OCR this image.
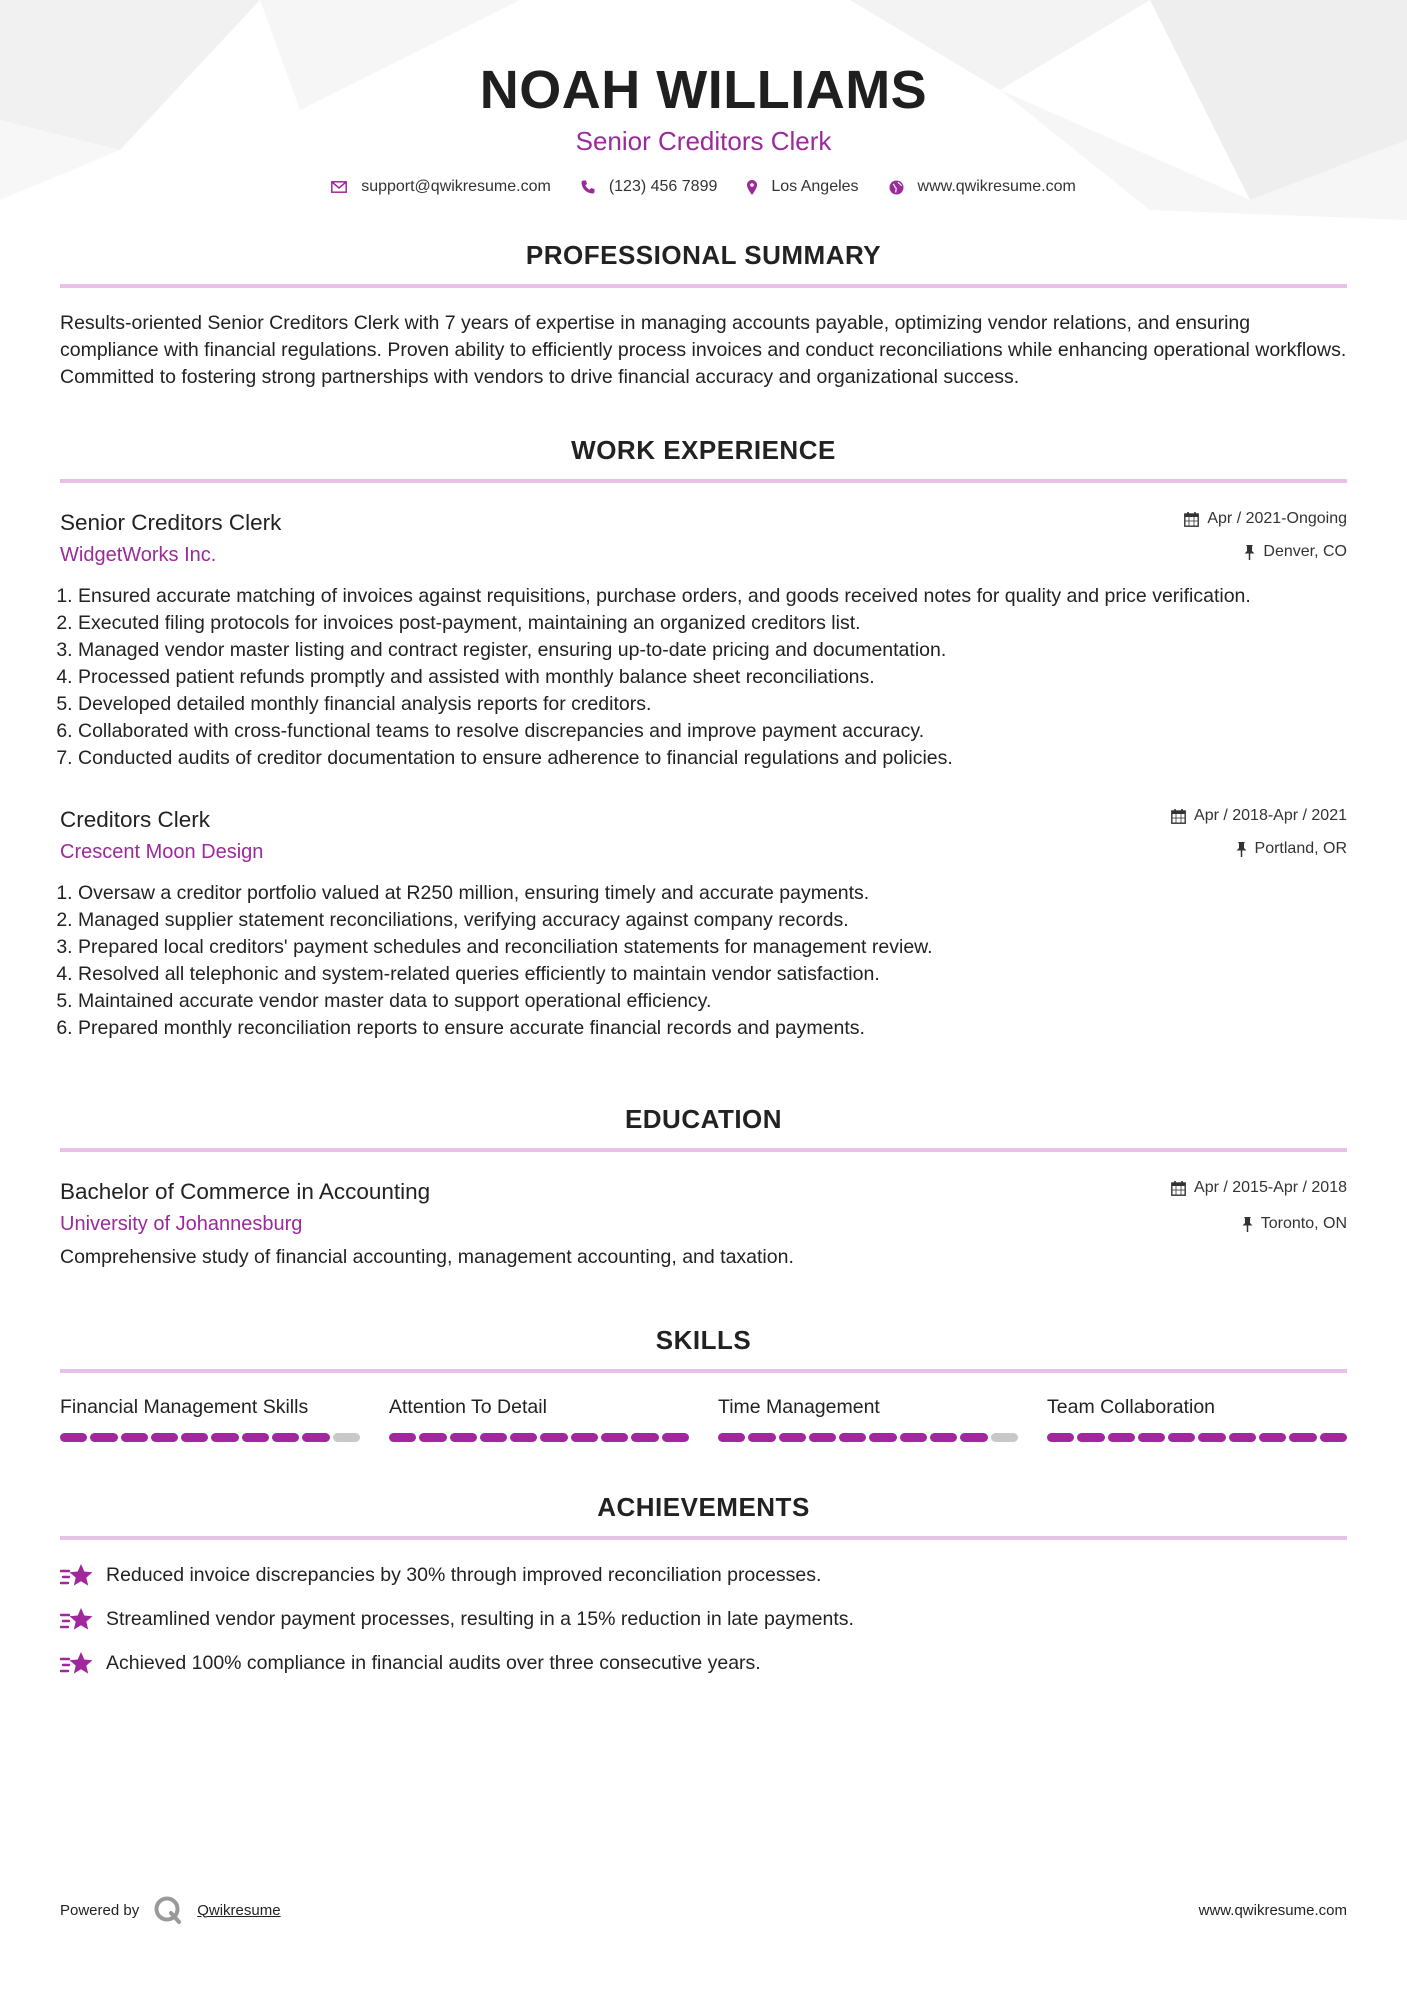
NOAH WILLIAMS
Senior Creditors Clerk
support@qwikresume.com	(123) 456 7899	Los Angeles	www.qwikresume.com
PROFESSIONAL SUMMARY
Results-oriented Senior Creditors Clerk with 7 years of expertise in managing accounts payable, optimizing vendor relations, and ensuring compliance with financial regulations. Proven ability to efficiently process invoices and conduct reconciliations while enhancing operational workflows. Committed to fostering strong partnerships with vendors to drive financial accuracy and organizational success.
WORK EXPERIENCE
Senior Creditors Clerk
WidgetWorks Inc.
Apr / 2021-Ongoing
Denver, CO
1. Ensured accurate matching of invoices against requisitions, purchase orders, and goods received notes for quality and price verification.
2. Executed filing protocols for invoices post-payment, maintaining an organized creditors list.
3. Managed vendor master listing and contract register, ensuring up-to-date pricing and documentation.
4. Processed patient refunds promptly and assisted with monthly balance sheet reconciliations.
5. Developed detailed monthly financial analysis reports for creditors.
6. Collaborated with cross-functional teams to resolve discrepancies and improve payment accuracy.
7. Conducted audits of creditor documentation to ensure adherence to financial regulations and policies.
Creditors Clerk
Crescent Moon Design
Apr / 2018-Apr / 2021
Portland, OR
1. Oversaw a creditor portfolio valued at R250 million, ensuring timely and accurate payments.
2. Managed supplier statement reconciliations, verifying accuracy against company records.
3. Prepared local creditors' payment schedules and reconciliation statements for management review.
4. Resolved all telephonic and system-related queries efficiently to maintain vendor satisfaction.
5. Maintained accurate vendor master data to support operational efficiency.
6. Prepared monthly reconciliation reports to ensure accurate financial records and payments.
EDUCATION
Bachelor of Commerce in Accounting
University of Johannesburg
Apr / 2015-Apr / 2018
Toronto, ON
Comprehensive study of financial accounting, management accounting, and taxation.
SKILLS
Financial Management Skills	Attention To Detail	Time Management	Team Collaboration
ACHIEVEMENTS
Reduced invoice discrepancies by 30% through improved reconciliation processes.
Streamlined vendor payment processes, resulting in a 15% reduction in late payments.
Achieved 100% compliance in financial audits over three consecutive years.
Powered by	Qwikresume	www.qwikresume.com
